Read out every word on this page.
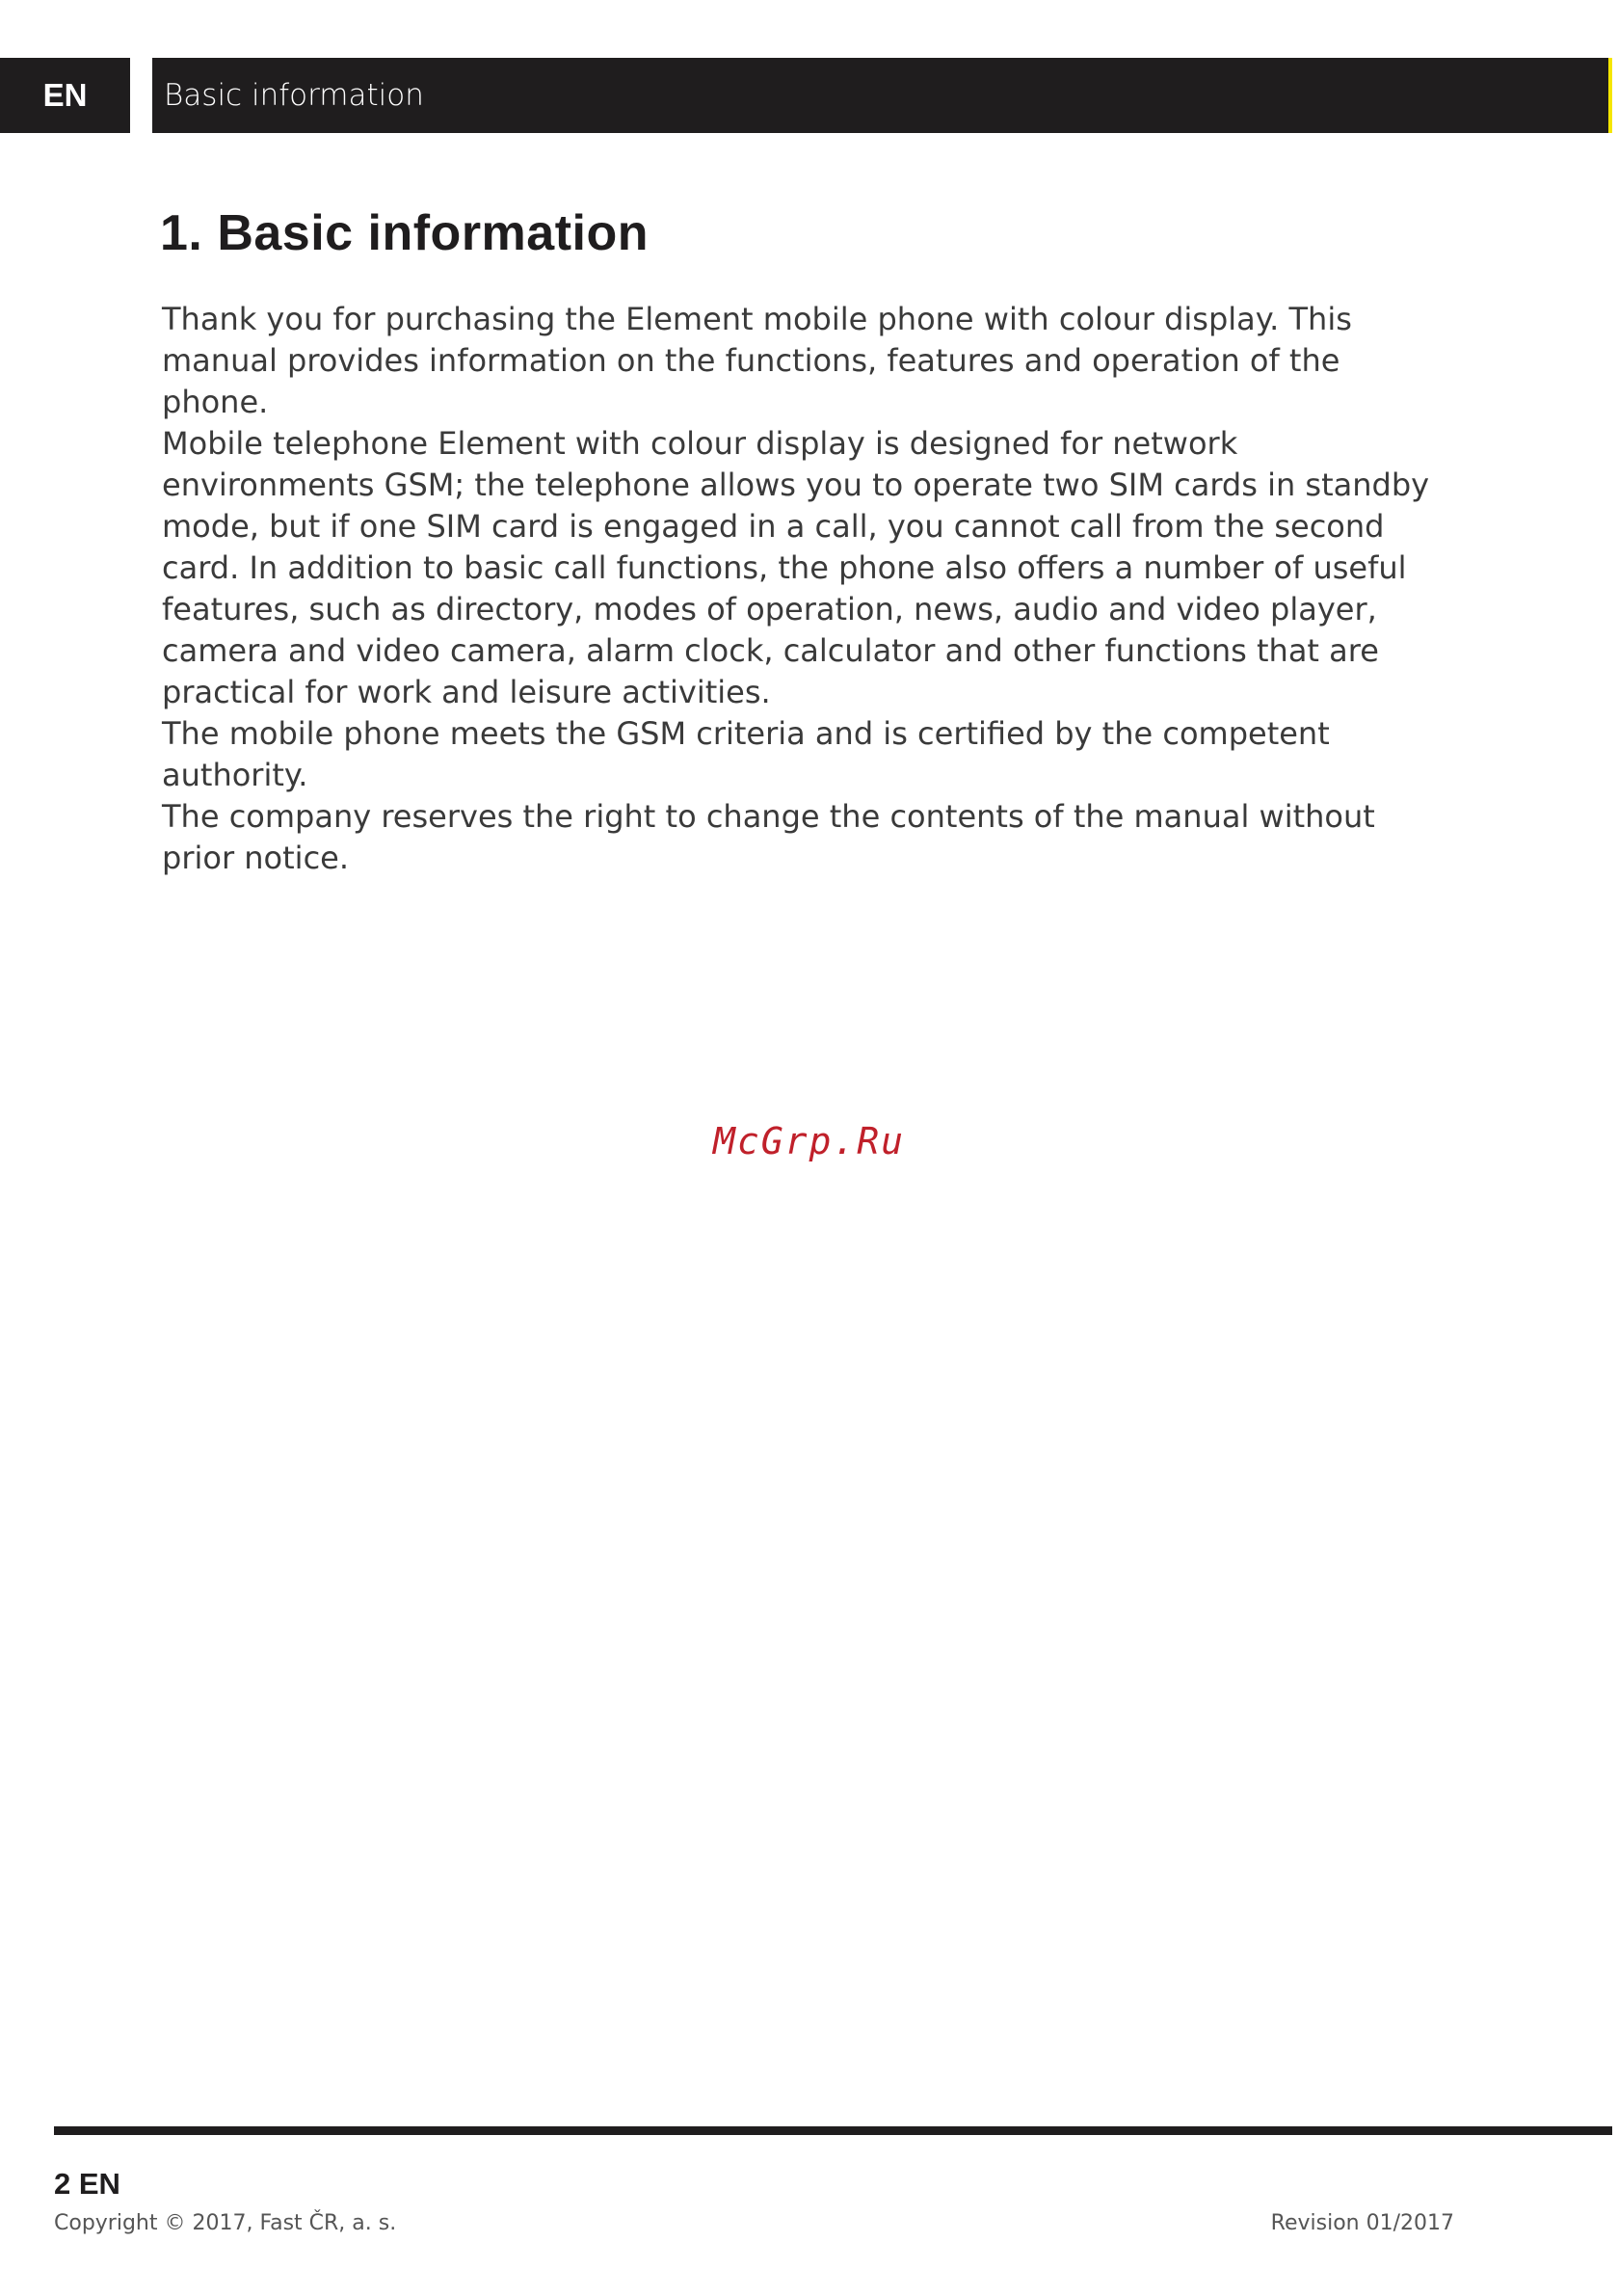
EN	Basic information
1. Basic information

Thank you for purchasing the Element mobile phone with colour display. This manual provides information on the functions, features and operation of the phone.

Mobile telephone Element with colour display is designed for network environments GSM; the telephone allows you to operate two SIM cards in standby mode, but if one SIM card is engaged in a call, you cannot call from the second card. In addition to basic call functions, the phone also offers a number of useful features, such as directory, modes of operation, news, audio and video player, camera and video camera, alarm clock, calculator and other functions that are practical for work and leisure activities.

The mobile phone meets the GSM criteria and is certified by the competent authority.

The company reserves the right to change the contents of the manual without prior notice.

McGrp.Ru
2 EN
Copyright © 2017, Fast ČR, a. s.	Revision 01/2017
